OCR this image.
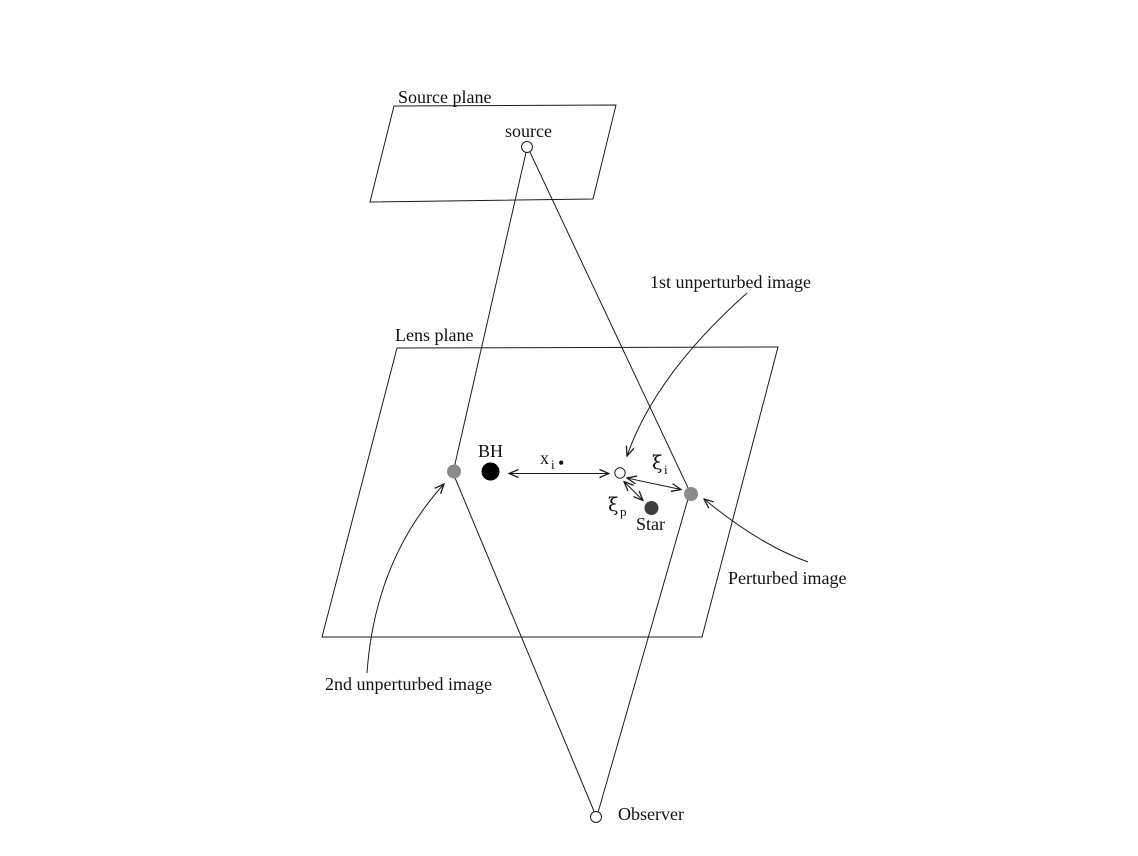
Source plane
source
Lens plane
1st unperturbed image
2nd unperturbed image
Perturbed image
BH
Star
Observer
x i •	ξ i
ξ p
